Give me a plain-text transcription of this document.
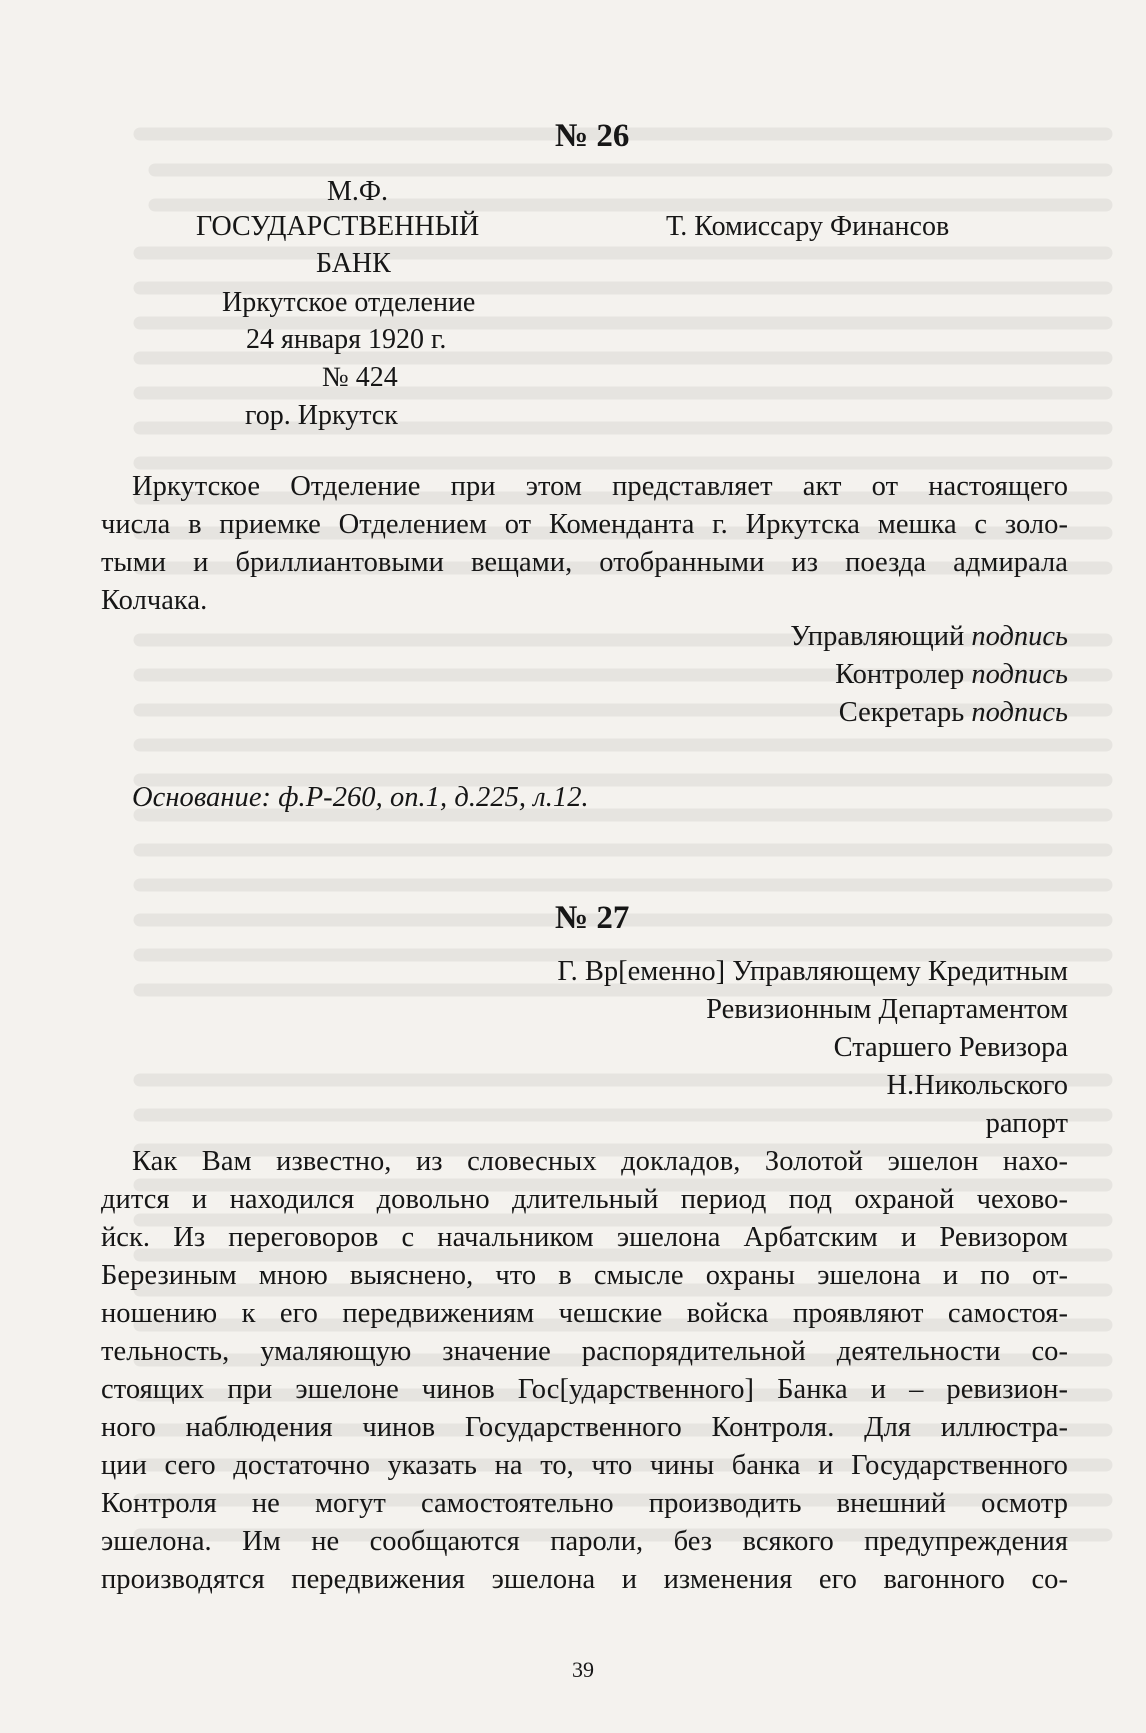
№ 26
М.Ф.
ГОСУДАРСТВЕННЫЙ	Т. Комиссару Финансов
БАНК
Иркутское отделение
24 января 1920 г.
№ 424
гор. Иркутск
Иркутское Отделение при этом представляет акт от настоящего
числа в приемке Отделением от Коменданта г. Иркутска мешка с золо-
тыми и бриллиантовыми вещами, отобранными из поезда адмирала
Колчака.
Управляющий подпись
Контролер подпись
Секретарь подпись
Основание: ф.Р-260, оп.1, д.225, л.12.
№ 27
Г. Вр[еменно] Управляющему Кредитным
Ревизионным Департаментом
Старшего Ревизора
Н.Никольского
рапорт
Как Вам известно, из словесных докладов, Золотой эшелон нахо-
дится и находился довольно длительный период под охраной чехово-
йск. Из переговоров с начальником эшелона Арбатским и Ревизором
Березиным мною выяснено, что в смысле охраны эшелона и по от-
ношению к его передвижениям чешские войска проявляют самостоя-
тельность, умаляющую значение распорядительной деятельности со-
стоящих при эшелоне чинов Гос[ударственного] Банка и – ревизион-
ного наблюдения чинов Государственного Контроля. Для иллюстра-
ции сего достаточно указать на то, что чины банка и Государственного
Контроля не могут самостоятельно производить внешний осмотр
эшелона. Им не сообщаются пароли, без всякого предупреждения
производятся передвижения эшелона и изменения его вагонного со-
39
